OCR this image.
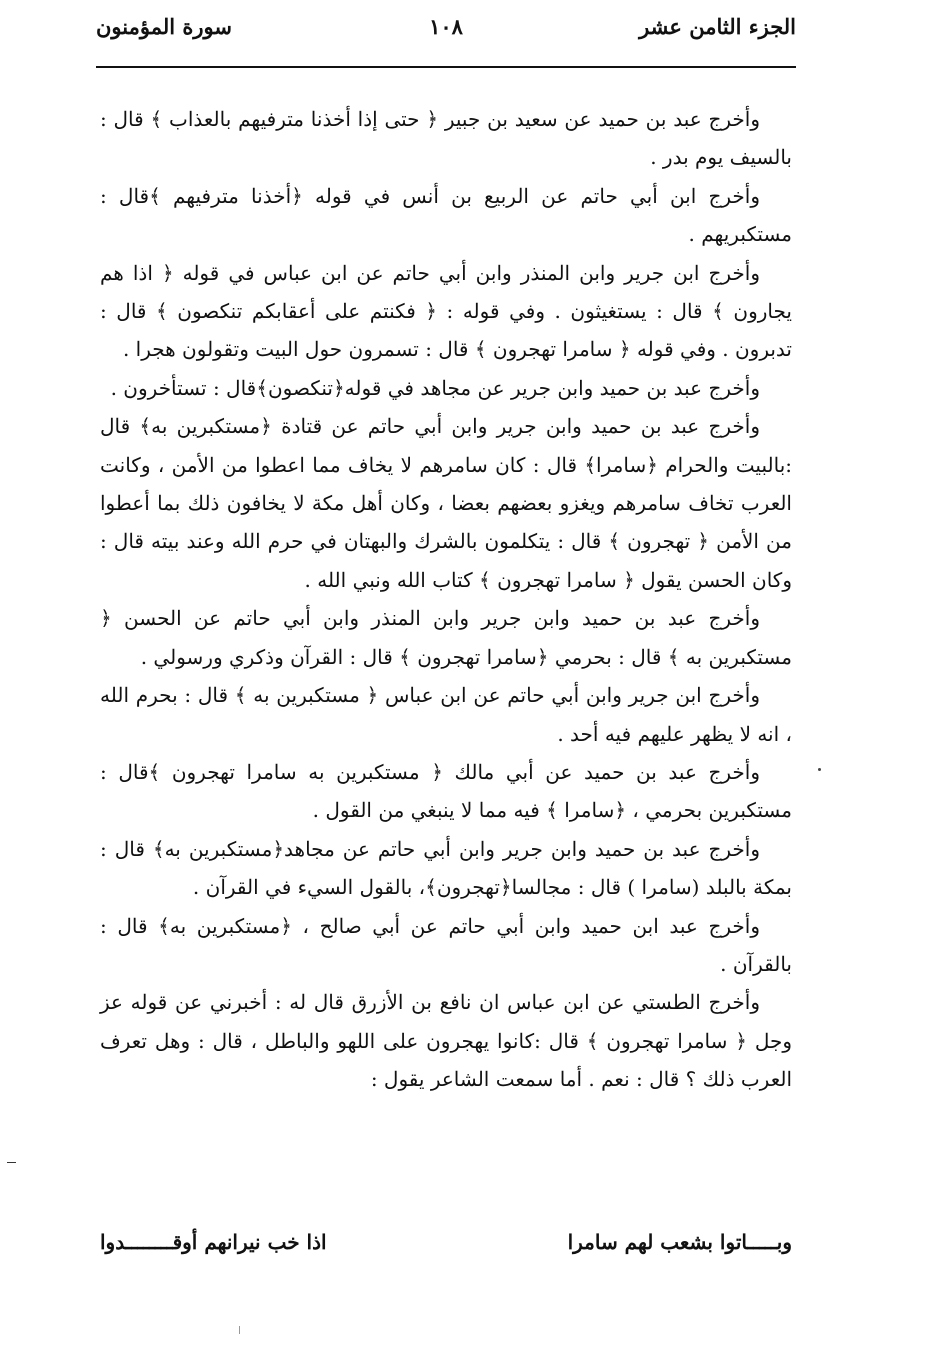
الجزء الثامن عشر
١٠٨
سورة المؤمنون

وأخرج عبد بن حميد عن سعيد بن جبير ﴿ حتى إذا أخذنا مترفيهم بالعذاب ﴾ قال : بالسيف يوم بدر .

وأخرج ابن أبي حاتم عن الربيع بن أنس في قوله ﴿أخذنا مترفيهم ﴾قال : مستكبريهم .

وأخرج ابن جرير وابن المنذر وابن أبي حاتم عن ابن عباس في قوله ﴿ اذا هم يجارون ﴾ قال : يستغيثون . وفي قوله : ﴿ فكنتم على أعقابكم تنكصون ﴾ قال : تدبرون . وفي قوله ﴿ سامرا تهجرون ﴾ قال : تسمرون حول البيت وتقولون هجرا .

وأخرج عبد بن حميد وابن جرير عن مجاهد في قوله﴿تنكصون﴾قال : تستأخرون .

وأخرج عبد بن حميد وابن جرير وابن أبي حاتم عن قتادة ﴿مستكبرين به﴾ قال :بالبيت والحرام ﴿سامرا﴾ قال : كان سامرهم لا يخاف مما اعطوا من الأمن ، وكانت العرب تخاف سامرهم ويغزو بعضهم بعضا ، وكان أهل مكة لا يخافون ذلك بما أعطوا من الأمن ﴿ تهجرون ﴾ قال : يتكلمون بالشرك والبهتان في حرم الله وعند بيته قال : وكان الحسن يقول ﴿ سامرا تهجرون ﴾ كتاب الله ونبي الله .

وأخرج عبد بن حميد وابن جرير وابن المنذر وابن أبي حاتم عن الحسن ﴿ مستكبرين به ﴾ قال : بحرمي ﴿سامرا تهجرون ﴾ قال : القرآن وذكري ورسولي .

وأخرج ابن جرير وابن أبي حاتم عن ابن عباس ﴿ مستكبرين به ﴾ قال : بحرم الله ، انه لا يظهر عليهم فيه أحد .

وأخرج عبد بن حميد عن أبي مالك ﴿ مستكبرين به سامرا تهجرون ﴾قال : مستكبرين بحرمي ، ﴿سامرا ﴾ فيه مما لا ينبغي من القول .

وأخرج عبد بن حميد وابن جرير وابن أبي حاتم عن مجاهد﴿مستكبرين به﴾ قال : بمكة بالبلد (سامرا ) قال : مجالسا﴿تهجرون﴾، بالقول السيء في القرآن .

وأخرج عبد ابن حميد وابن أبي حاتم عن أبي صالح ، ﴿مستكبرين به﴾ قال : بالقرآن .

وأخرج الطستي عن ابن عباس ان نافع بن الأزرق قال له : أخبرني عن قوله عز وجل ﴿ سامرا تهجرون ﴾ قال :كانوا يهجرون على اللهو والباطل ، قال : وهل تعرف العرب ذلك ؟ قال : نعم . أما سمعت الشاعر يقول :

وبـــــاتوا بشعب لهم سامرا
اذا خب نيرانهم أوقــــــــدوا
